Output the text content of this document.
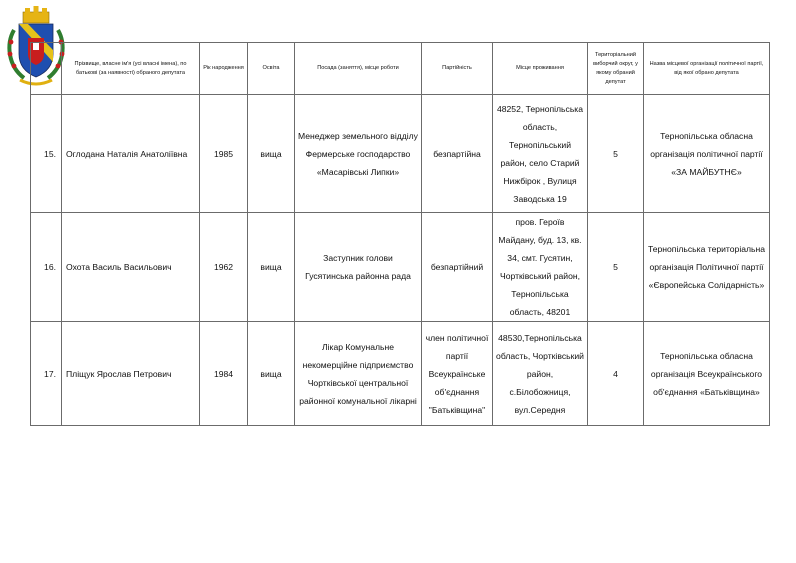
	Прізвище, власне ім'я (усі власні імена), по батькові (за наявності) обраного депутата	Рік народження	Освіта	Посада (заняття), місце роботи	Партійність	Місце проживання	Територіальний виборчий округ, у якому обраний депутат	Назва місцевої організації політичної партії, від якої обрано депутата
15.	Оглодана Наталія Анатоліївна	1985	вища	Менеджер земельного відділу Фермерське господарство «Масарівські Липки»	безпартійна	48252, Тернопільська область, Тернопільський район, село Старий Нижбірок , Вулиця Заводська 19	5	Тернопільська обласна організація політичної партії «ЗА МАЙБУТНЄ»
16.	Охота Василь Васильович	1962	вища	Заступник голови Гусятинська районна рада	безпартійний	пров. Героїв Майдану, буд. 13, кв. 34, смт. Гусятин, Чортківський район, Тернопільська область, 48201	5	Тернопільська територіальна організація Політичної партії «Європейська Солідарність»
17.	Пліщук Ярослав Петрович	1984	вища	Лікар Комунальне некомерційне підприємство Чортківської центральної районної комунальної лікарні	член політичної партії Всеукраїнське об'єднання "Батьківщина"	48530,Тернопільська область, Чортківський район, с.Білобожниця, вул.Середня	4	Тернопільська обласна організація Всеукраїнського об'єднання «Батьківщина»
